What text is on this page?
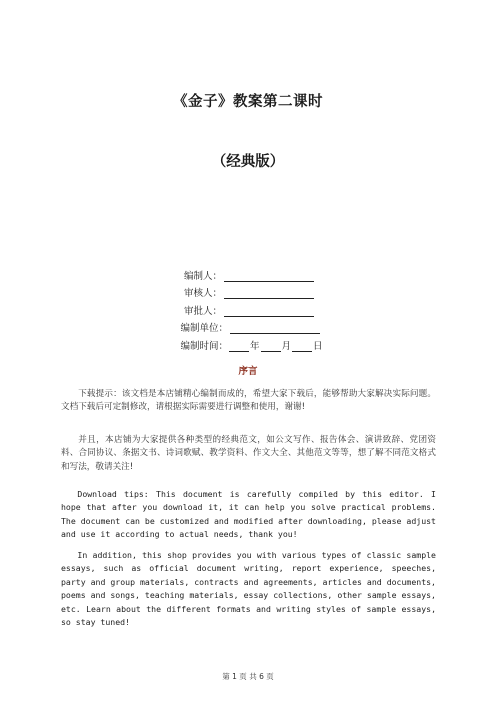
《金子》教案第二课时
（经典版）
编制人：
审核人：
审批人：
编制单位：
编制时间： 年 月 日
序言
下载提示：该文档是本店铺精心编制而成的，希望大家下载后，能够帮助大家解决实际问题。文档下载后可定制修改，请根据实际需要进行调整和使用，谢谢!
并且，本店铺为大家提供各种类型的经典范文，如公文写作、报告体会、演讲致辞、党团资料、合同协议、条据文书、诗词歌赋、教学资料、作文大全、其他范文等等，想了解不同范文格式和写法，敬请关注!
Download tips: This document is carefully compiled by this editor. I hope that after you download it, it can help you solve practical problems. The document can be customized and modified after downloading, please adjust and use it according to actual needs, thank you!
In addition, this shop provides you with various types of classic sample essays, such as official document writing, report experience, speeches, party and group materials, contracts and agreements, articles and documents, poems and songs, teaching materials, essay collections, other sample essays, etc. Learn about the different formats and writing styles of sample essays, so stay tuned!
第 1 页 共 6 页
